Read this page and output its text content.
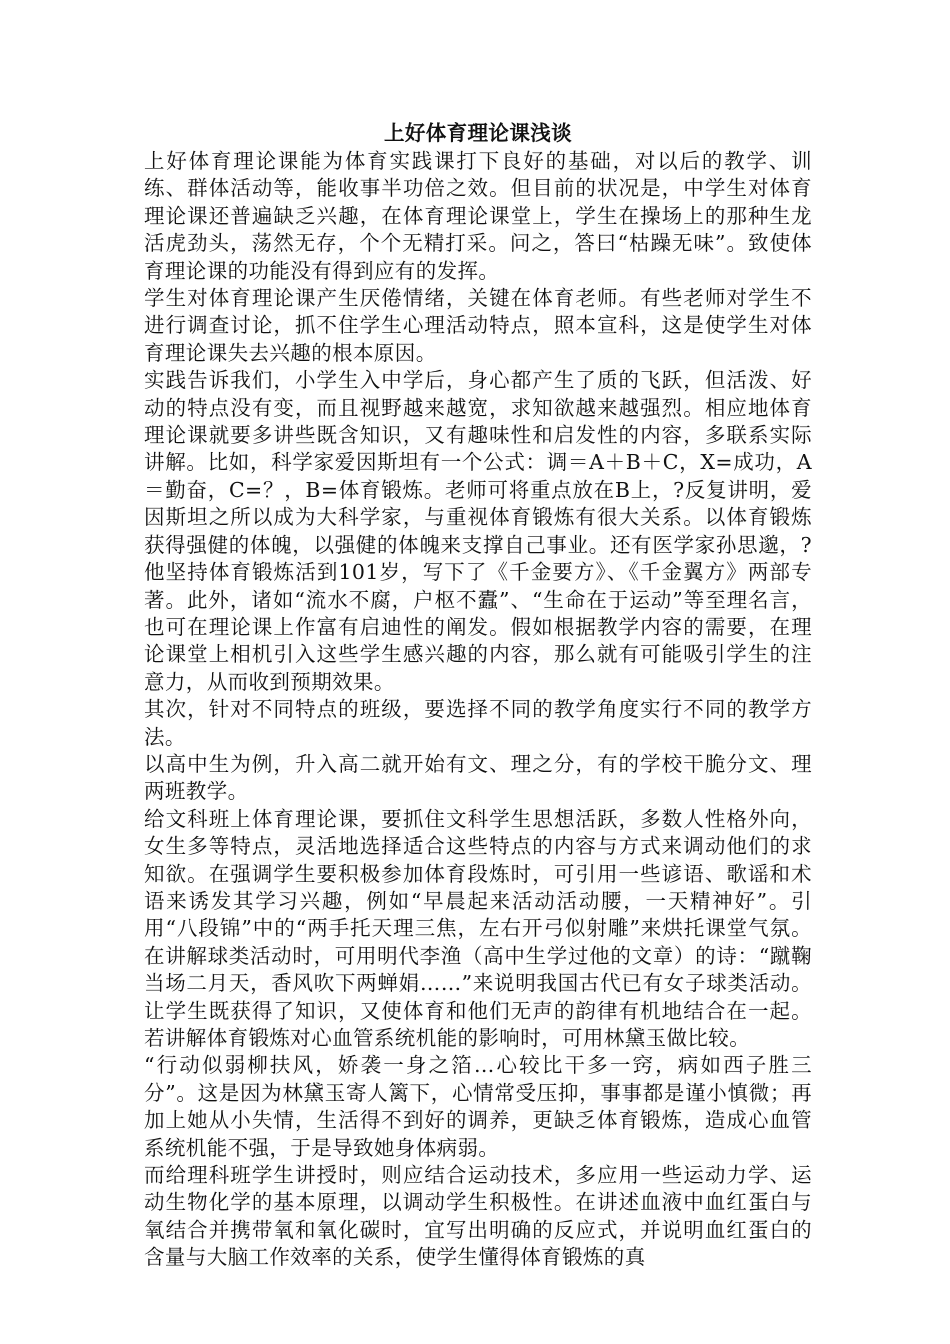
上好体育理论课浅谈

上好体育理论课能为体育实践课打下良好的基础，对以后的教学、训练、群体活动等，能收事半功倍之效。但目前的状况是，中学生对体育理论课还普遍缺乏兴趣，在体育理论课堂上，学生在操场上的那种生龙活虎劲头，荡然无存，个个无精打采。问之，答曰“枯躁无味”。致使体育理论课的功能没有得到应有的发挥。

学生对体育理论课产生厌倦情绪，关键在体育老师。有些老师对学生不进行调查讨论，抓不住学生心理活动特点，照本宣科，这是使学生对体育理论课失去兴趣的根本原因。

实践告诉我们，小学生入中学后，身心都产生了质的飞跃，但活泼、好动的特点没有变，而且视野越来越宽，求知欲越来越强烈。相应地体育理论课就要多讲些既含知识，又有趣味性和启发性的内容，多联系实际讲解。比如，科学家爱因斯坦有一个公式：调＝A＋B＋C，X=成功，A＝勤奋，C=？，B=体育锻炼。老师可将重点放在B上，?反复讲明，爱因斯坦之所以成为大科学家，与重视体育锻炼有很大关系。以体育锻炼获得强健的体魄，以强健的体魄来支撑自己事业。还有医学家孙思邈，?他坚持体育锻炼活到101岁，写下了《千金要方》、《千金翼方》两部专著。此外，诸如“流水不腐，户枢不蠹”、“生命在于运动”等至理名言，也可在理论课上作富有启迪性的阐发。假如根据教学内容的需要，在理论课堂上相机引入这些学生感兴趣的内容，那么就有可能吸引学生的注意力，从而收到预期效果。

其次，针对不同特点的班级，要选择不同的教学角度实行不同的教学方法。

以高中生为例，升入高二就开始有文、理之分，有的学校干脆分文、理两班教学。

给文科班上体育理论课，要抓住文科学生思想活跃，多数人性格外向，女生多等特点，灵活地选择适合这些特点的内容与方式来调动他们的求知欲。在强调学生要积极参加体育段炼时，可引用一些谚语、歌谣和术语来诱发其学习兴趣，例如“早晨起来活动活动腰，一天精神好”。引用“八段锦”中的“两手托天理三焦，左右开弓似射雕”来烘托课堂气氛。在讲解球类活动时，可用明代李渔（高中生学过他的文章）的诗：“蹴鞠当场二月天，香风吹下两蝉娟……”来说明我国古代已有女子球类活动。让学生既获得了知识，又使体育和他们无声的韵律有机地结合在一起。若讲解体育锻炼对心血管系统机能的影响时，可用林黛玉做比较。

“行动似弱柳扶风，娇袭一身之箔…心较比干多一窍，病如西子胜三分”。这是因为林黛玉寄人篱下，心情常受压抑，事事都是谨小慎微；再加上她从小失情，生活得不到好的调养，更缺乏体育锻炼，造成心血管系统机能不强，于是导致她身体病弱。

而给理科班学生讲授时，则应结合运动技术，多应用一些运动力学、运动生物化学的基本原理，以调动学生积极性。在讲述血液中血红蛋白与氧结合并携带氧和氧化碳时，宜写出明确的反应式，并说明血红蛋白的含量与大脑工作效率的关系，使学生懂得体育锻炼的真
